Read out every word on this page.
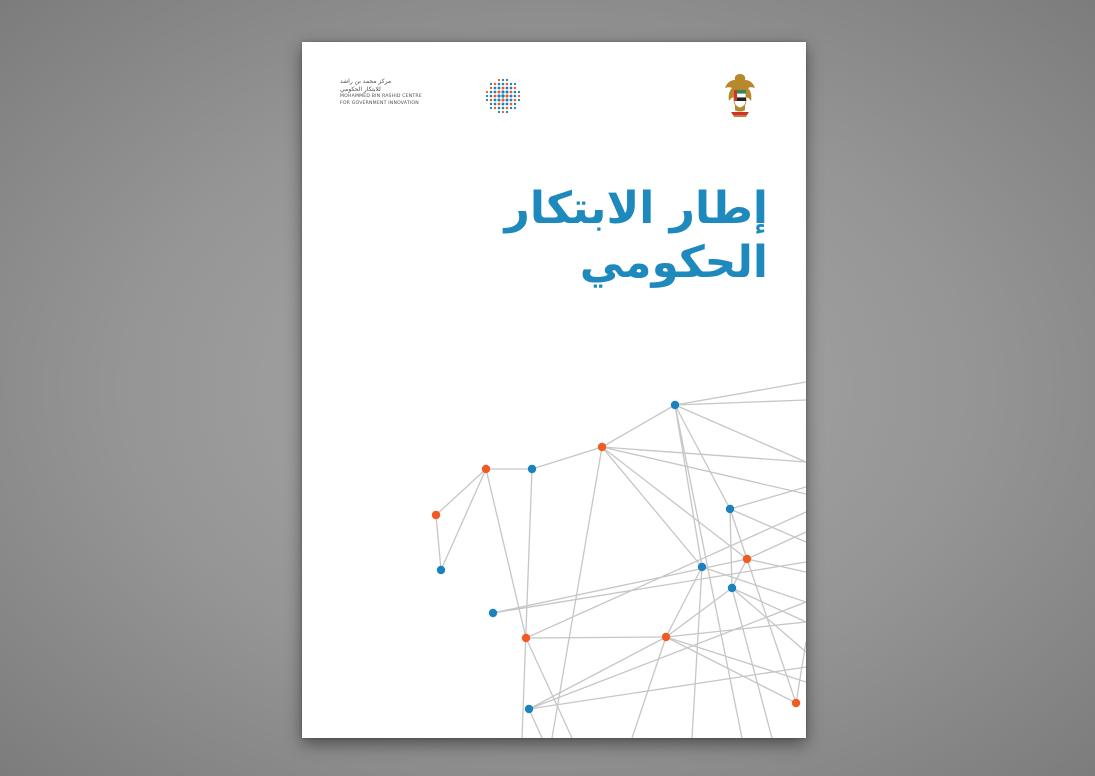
مركز محمد بن راشد
للابتكار الحكومي
MOHAMMED BIN RASHID CENTRE
FOR GOVERNMENT INNOVATION

إطار الابتكار
الحكومي
